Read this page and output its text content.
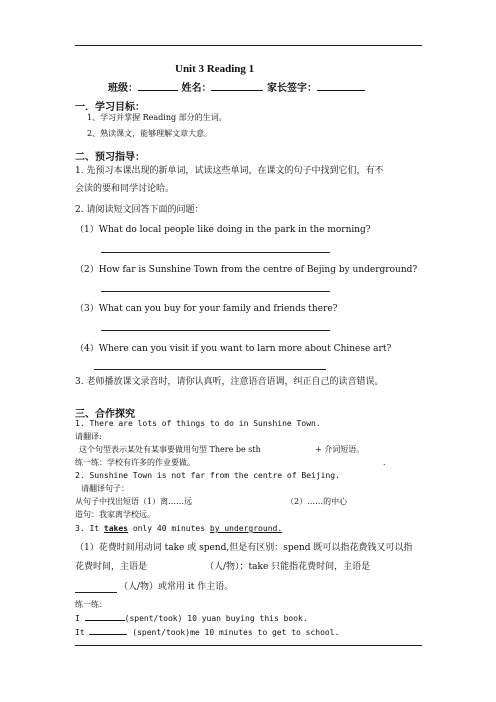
Unit 3 Reading 1
班级：	姓名：	家长签字：
一．学习目标：
1、学习并掌握 Reading 部分的生词。
2、熟读课文，能够理解文章大意。
二、预习指导：
1. 先预习本课出现的新单词，试读这些单词，在课文的句子中找到它们，有不
会读的要和同学讨论哈。
2. 请阅读短文回答下面的问题：
（1）What do local people like doing in the park in the morning?
（2）How far is Sunshine Town from the centre of Bejing by underground?
（3）What can you buy for your family and friends there?
（4）Where can you visit if you want to larn more about Chinese art?
3. 老师播放课文录音时，请你认真听，注意语音语调，纠正自己的读音错误。
三、合作探究
1. There are lots of things to do in Sunshine Town.
请翻译:
这个句型表示某处有某事要做用句型 There be sth	+ 介词短语。
练一练：学校有许多的作业要做。	.
2. Sunshine Town is not far from the centre of Beijing.
请翻译句子：
从句子中找出短语（1）离……远	（2）……的中心
造句：我家离学校远。
3. It takes only 40 minutes by underground.
（1）花费时间用动词 take 或 spend,但是有区别：spend 既可以指花费钱又可以指
花费时间，主语是	（人/物）；take 只能指花费时间，主语是
（人/物）或常用 it 作主语。
练一练：
I	(spent/took) 10 yuan buying this book.
It	(spent/took)me 10 minutes to get to school.
